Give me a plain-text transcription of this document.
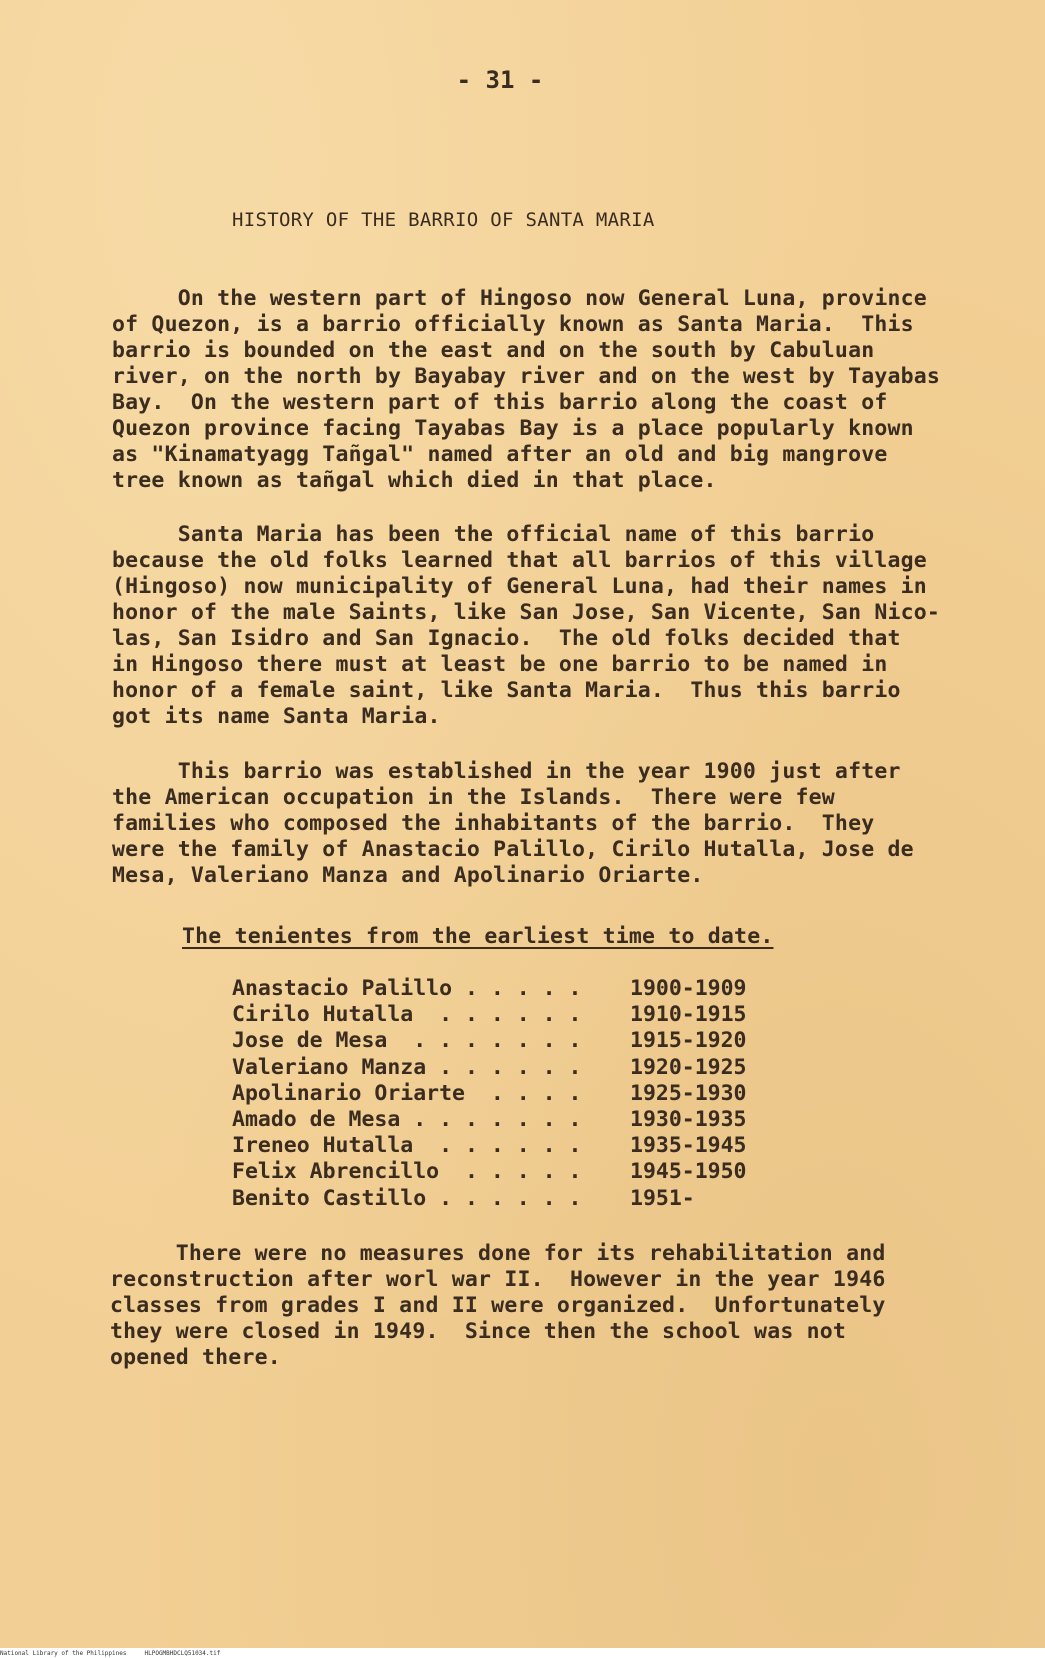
- 31 -
HISTORY OF THE BARRIO OF SANTA MARIA
On the western part of Hingoso now General Luna, province
of Quezon, is a barrio officially known as Santa Maria.  This
barrio is bounded on the east and on the south by Cabuluan
river, on the north by Bayabay river and on the west by Tayabas
Bay.  On the western part of this barrio along the coast of
Quezon province facing Tayabas Bay is a place popularly known
as "Kinamatyagg Tañgal" named after an old and big mangrove
tree known as tañgal which died in that place.
Santa Maria has been the official name of this barrio
because the old folks learned that all barrios of this village
(Hingoso) now municipality of General Luna, had their names in
honor of the male Saints, like San Jose, San Vicente, San Nico-
las, San Isidro and San Ignacio.  The old folks decided that
in Hingoso there must at least be one barrio to be named in
honor of a female saint, like Santa Maria.  Thus this barrio
got its name Santa Maria.
This barrio was established in the year 1900 just after
the American occupation in the Islands.  There were few
families who composed the inhabitants of the barrio.  They
were the family of Anastacio Palillo, Cirilo Hutalla, Jose de
Mesa, Valeriano Manza and Apolinario Oriarte.
The tenientes from the earliest time to date.
Anastacio Palillo . . . . . 1900-1909
Cirilo Hutalla  . . . . . . 1910-1915
Jose de Mesa  . . . . . . . 1915-1920
Valeriano Manza . . . . . . 1920-1925
Apolinario Oriarte  . . . . 1925-1930
Amado de Mesa . . . . . . . 1930-1935
Ireneo Hutalla  . . . . . . 1935-1945
Felix Abrencillo  . . . . . 1945-1950
Benito Castillo . . . . . . 1951-
There were no measures done for its rehabilitation and
reconstruction after worl war II.  However in the year 1946
classes from grades I and II were organized.  Unfortunately
they were closed in 1949.  Since then the school was not
opened there.
National Library of the Philippines     HLPOGMBHDCLQ51034.tif
